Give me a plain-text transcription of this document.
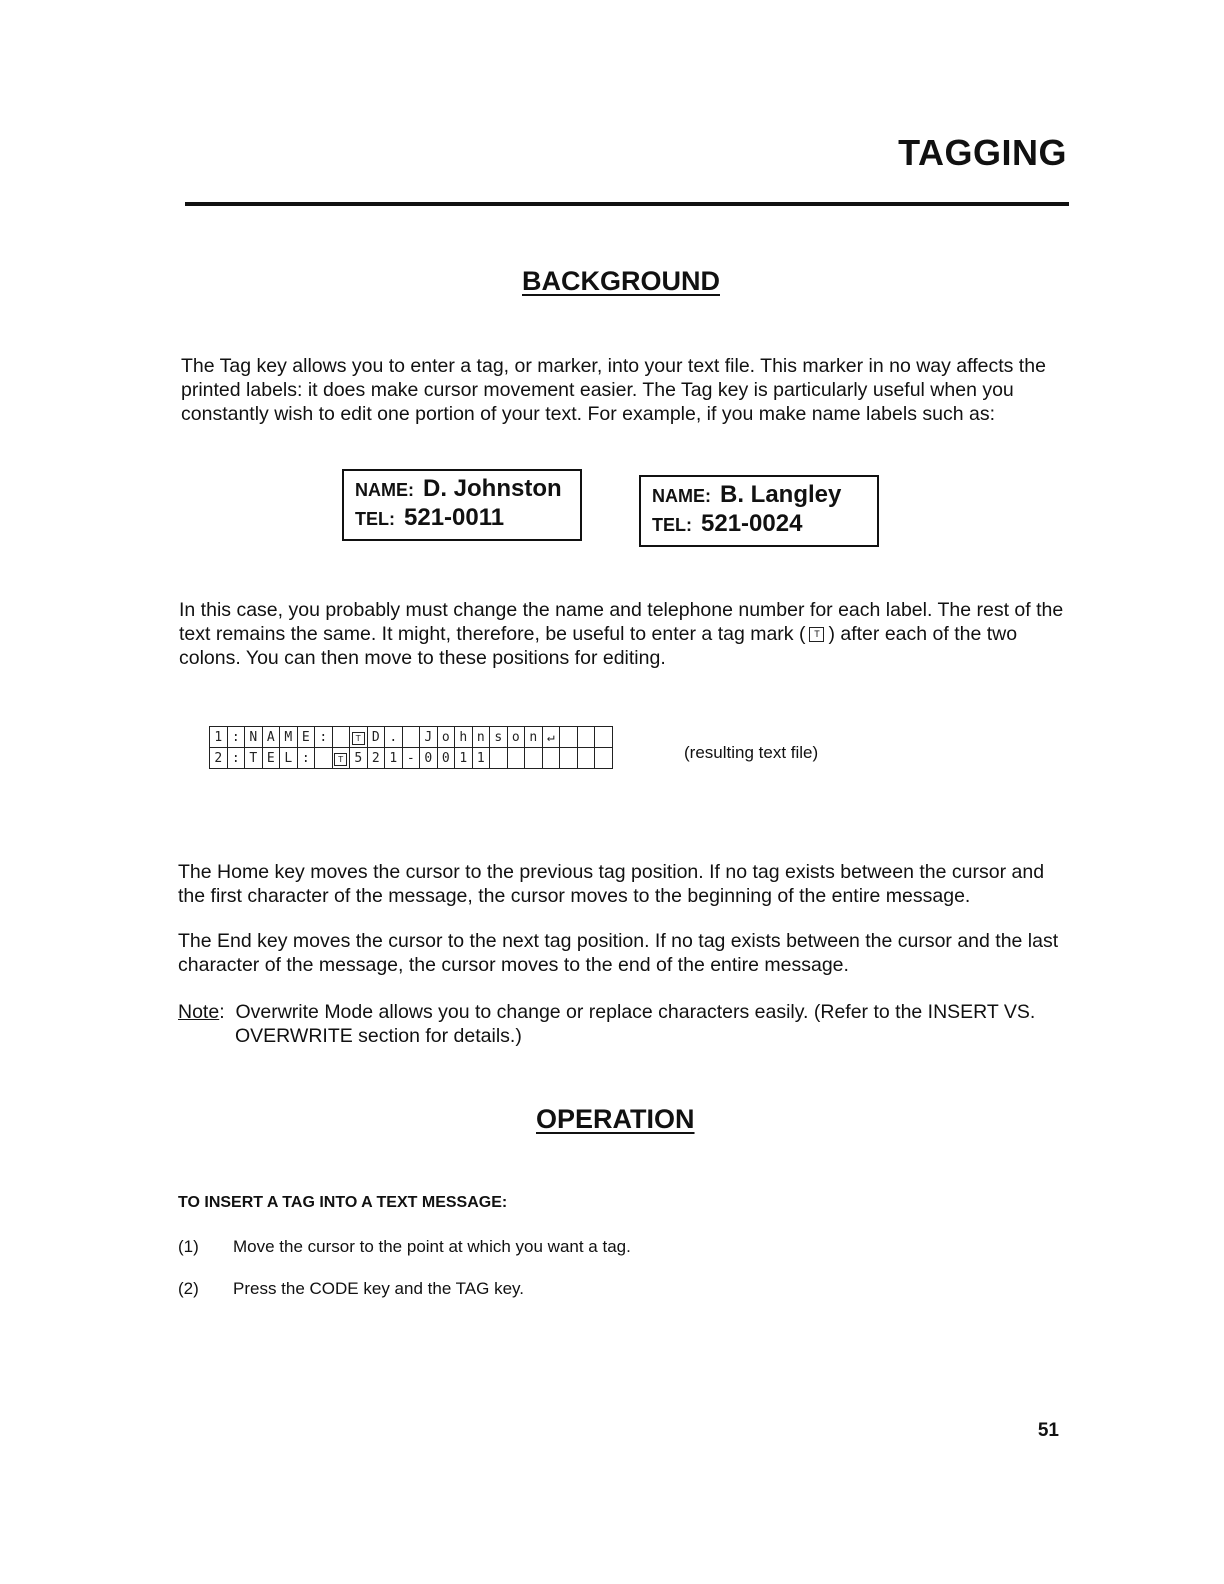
TAGGING
BACKGROUND
The Tag key allows you to enter a tag, or marker, into your text file. This marker in no way affects the printed labels: it does make cursor movement easier. The Tag key is particularly useful when you constantly wish to edit one portion of your text. For example, if you make name labels such as:
NAME: D. Johnston
TEL: 521-0011
NAME: B. Langley
TEL: 521-0024
In this case, you probably must change the name and telephone number for each label. The rest of the text remains the same. It might, therefore, be useful to enter a tag mark ( T ) after each of the two colons. You can then move to these positions for editing.
1	:	N	A	M	E	:		T	D	.		J	o	h	n	s	o	n	↵			
2	:	T	E	L	:		T	5	2	1	-	0	0	1	1								(resulting text file)
The Home key moves the cursor to the previous tag position. If no tag exists between the cursor and the first character of the message, the cursor moves to the beginning of the entire message.
The End key moves the cursor to the next tag position. If no tag exists between the cursor and the last character of the message, the cursor moves to the end of the entire message.
Note:  Overwrite Mode allows you to change or replace characters easily. (Refer to the INSERT VS.
OVERWRITE section for details.)
OPERATION
TO INSERT A TAG INTO A TEXT MESSAGE:
(1) Move the cursor to the point at which you want a tag.
(2) Press the CODE key and the TAG key.
51
